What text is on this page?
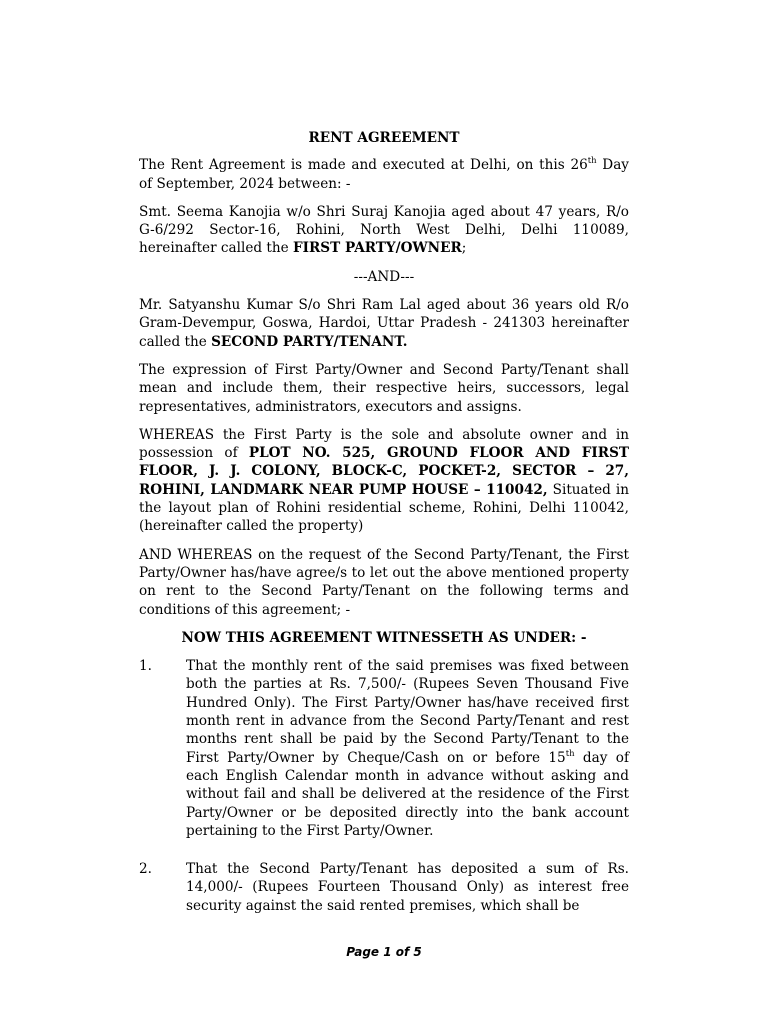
RENT AGREEMENT

The Rent Agreement is made and executed at Delhi, on this 26th Day of September, 2024 between: -

Smt. Seema Kanojia w/o Shri Suraj Kanojia aged about 47 years, R/o G-6/292 Sector-16, Rohini, North West Delhi, Delhi 110089, hereinafter called the FIRST PARTY/OWNER;

---AND---

Mr. Satyanshu Kumar S/o Shri Ram Lal aged about 36 years old R/o Gram-Devempur, Goswa, Hardoi, Uttar Pradesh - 241303 hereinafter called the SECOND PARTY/TENANT.

The expression of First Party/Owner and Second Party/Tenant shall mean and include them, their respective heirs, successors, legal representatives, administrators, executors and assigns.

WHEREAS the First Party is the sole and absolute owner and in possession of PLOT NO. 525, GROUND FLOOR AND FIRST FLOOR, J. J. COLONY, BLOCK-C, POCKET-2, SECTOR – 27, ROHINI, LANDMARK NEAR PUMP HOUSE – 110042, Situated in the layout plan of Rohini residential scheme, Rohini, Delhi 110042, (hereinafter called the property)

AND WHEREAS on the request of the Second Party/Tenant, the First Party/Owner has/have agree/s to let out the above mentioned property on rent to the Second Party/Tenant on the following terms and conditions of this agreement; -

NOW THIS AGREEMENT WITNESSETH AS UNDER: -

1.	That the monthly rent of the said premises was fixed between both the parties at Rs. 7,500/- (Rupees Seven Thousand Five Hundred Only). The First Party/Owner has/have received first month rent in advance from the Second Party/Tenant and rest months rent shall be paid by the Second Party/Tenant to the First Party/Owner by Cheque/Cash on or before 15th day of each English Calendar month in advance without asking and without fail and shall be delivered at the residence of the First Party/Owner or be deposited directly into the bank account pertaining to the First Party/Owner.
2.	That the Second Party/Tenant has deposited a sum of Rs. 14,000/- (Rupees Fourteen Thousand Only) as interest free security against the said rented premises, which shall be
Page 1 of 5
